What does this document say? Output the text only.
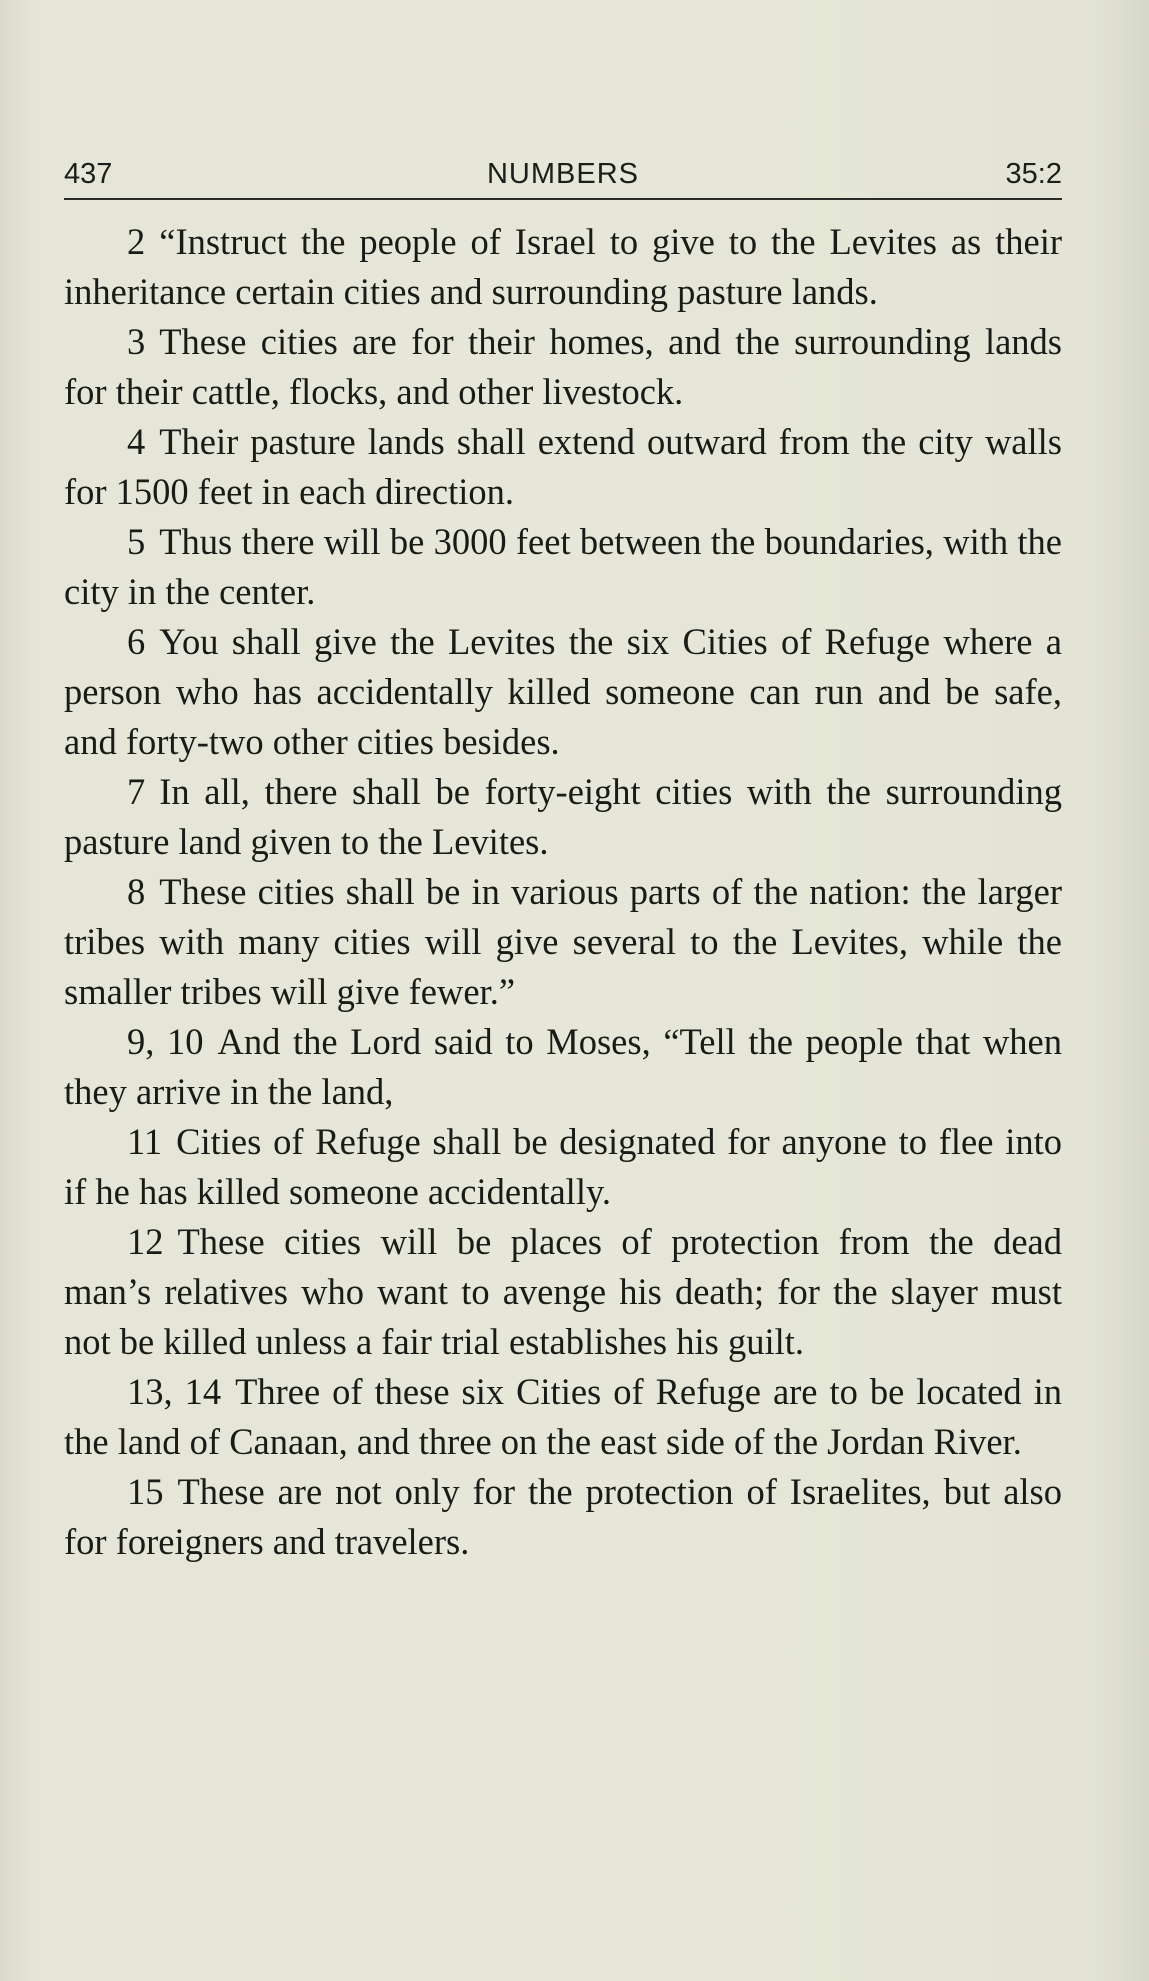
437	NUMBERS	35:2

2 “Instruct the people of Israel to give to the Levites as their inheritance certain cities and surrounding pasture lands.

3 These cities are for their homes, and the surrounding lands for their cattle, flocks, and other livestock.

4 Their pasture lands shall extend outward from the city walls for 1500 feet in each direction.

5 Thus there will be 3000 feet between the boundaries, with the city in the center.

6 You shall give the Levites the six Cities of Refuge where a person who has accidentally killed someone can run and be safe, and forty-two other cities besides.

7 In all, there shall be forty-eight cities with the surrounding pasture land given to the Levites.

8 These cities shall be in various parts of the nation: the larger tribes with many cities will give several to the Levites, while the smaller tribes will give fewer.”

9, 10 And the Lord said to Moses, “Tell the people that when they arrive in the land,

11 Cities of Refuge shall be designated for anyone to flee into if he has killed someone accidentally.

12 These cities will be places of protection from the dead man’s relatives who want to avenge his death; for the slayer must not be killed unless a fair trial establishes his guilt.

13, 14 Three of these six Cities of Refuge are to be located in the land of Canaan, and three on the east side of the Jordan River.

15 These are not only for the protection of Israelites, but also for foreigners and travelers.
